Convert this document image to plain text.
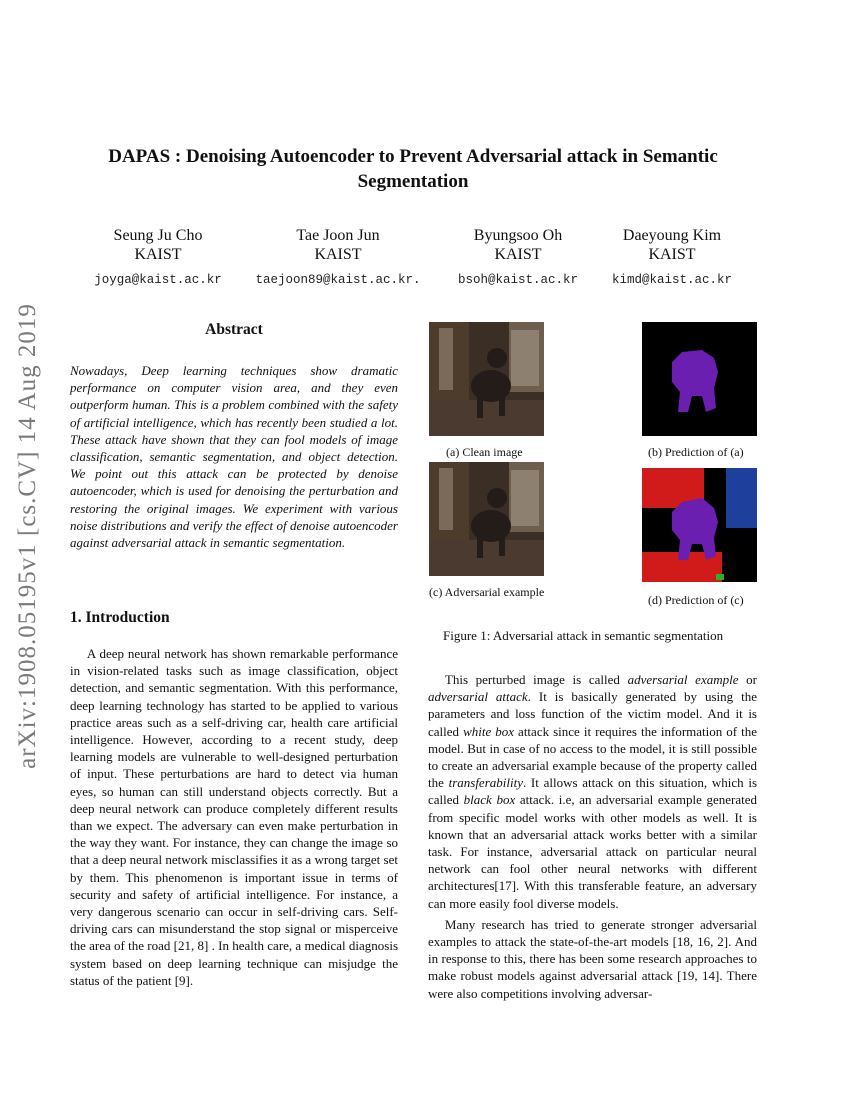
arXiv:1908.05195v1 [cs.CV] 14 Aug 2019
DAPAS : Denoising Autoencoder to Prevent Adversarial attack in Semantic Segmentation
Seung Ju Cho
KAIST
joyga@kaist.ac.kr
Tae Joon Jun
KAIST
taejoon89@kaist.ac.kr.
Byungsoo Oh
KAIST
bsoh@kaist.ac.kr
Daeyoung Kim
KAIST
kimd@kaist.ac.kr
Abstract
Nowadays, Deep learning techniques show dramatic performance on computer vision area, and they even outperform human. This is a problem combined with the safety of artificial intelligence, which has recently been studied a lot. These attack have shown that they can fool models of image classification, semantic segmentation, and object detection. We point out this attack can be protected by denoise autoencoder, which is used for denoising the perturbation and restoring the original images. We experiment with various noise distributions and verify the effect of denoise autoencoder against adversarial attack in semantic segmentation.
1. Introduction

A deep neural network has shown remarkable performance in vision-related tasks such as image classification, object detection, and semantic segmentation. With this performance, deep learning technology has started to be applied to various practice areas such as a self-driving car, health care artificial intelligence. However, according to a recent study, deep learning models are vulnerable to well-designed perturbation of input. These perturbations are hard to detect via human eyes, so human can still understand objects correctly. But a deep neural network can produce completely different results than we expect. The adversary can even make perturbation in the way they want. For instance, they can change the image so that a deep neural network misclassifies it as a wrong target set by them. This phenomenon is important issue in terms of security and safety of artificial intelligence. For instance, a very dangerous scenario can occur in self-driving cars. Self-driving cars can misunderstand the stop signal or misperceive the area of the road [21, 8] . In health care, a medical diagnosis system based on deep learning technique can misjudge the status of the patient [9].

(a) Clean image	(b) Prediction of (a)
(c) Adversarial example
(d) Prediction of (c)
Figure 1: Adversarial attack in semantic segmentation

This perturbed image is called adversarial example or adversarial attack. It is basically generated by using the parameters and loss function of the victim model. And it is called white box attack since it requires the information of the model. But in case of no access to the model, it is still possible to create an adversarial example because of the property called the transferability. It allows attack on this situation, which is called black box attack. i.e, an adversarial example generated from specific model works with other models as well. It is known that an adversarial attack works better with a similar task. For instance, adversarial attack on particular neural network can fool other neural networks with different architectures[17]. With this transferable feature, an adversary can more easily fool diverse models.

Many research has tried to generate stronger adversarial examples to attack the state-of-the-art models [18, 16, 2]. And in response to this, there has been some research approaches to make robust models against adversarial attack [19, 14]. There were also competitions involving adversar-
